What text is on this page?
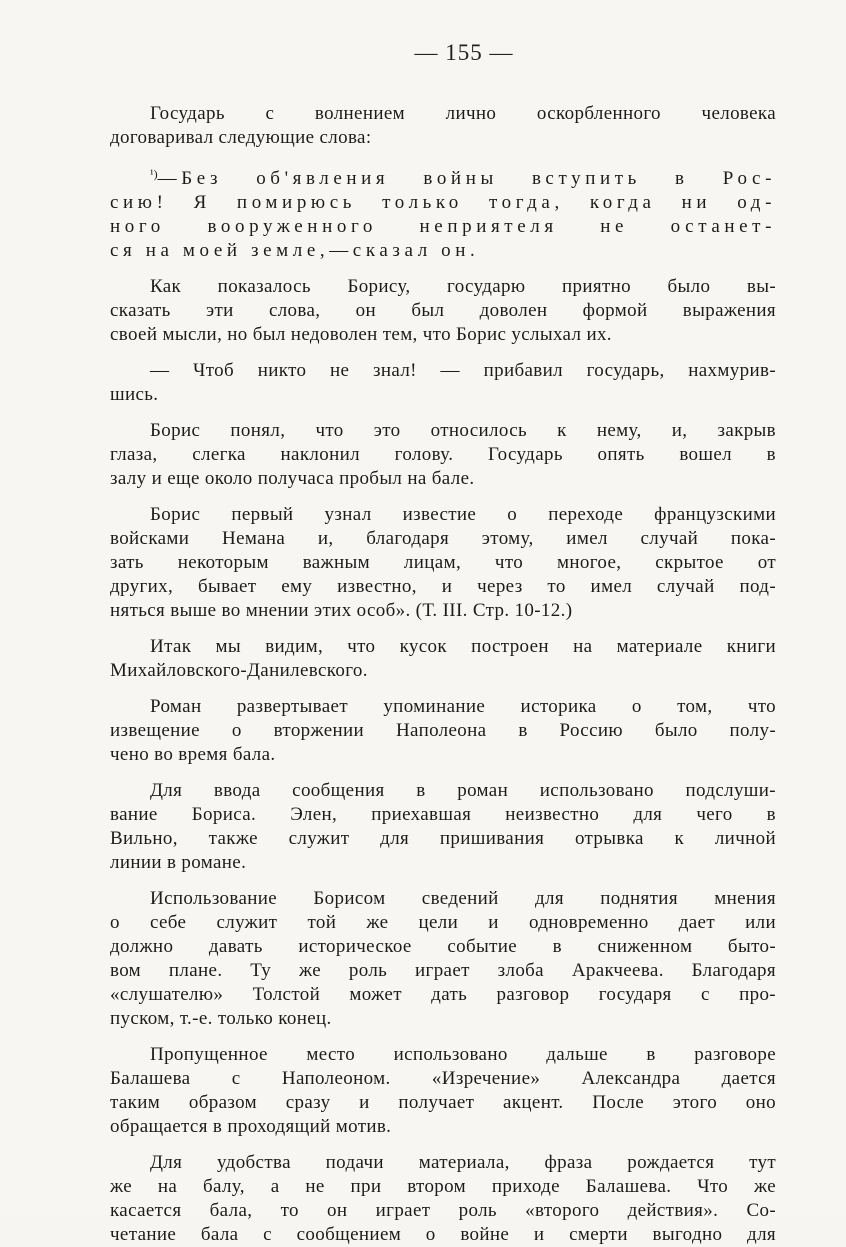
— 155 —
Государь с волнением лично оскорбленного человека
договаривал следующие слова:
$^{^1)}$—Без об'явления войны вступить в Рос-
сию! Я помирюсь только тогда, когда ни од-
ного вооруженного неприятеля не останет-
ся на моей земле,—сказал он.
Как показалось Борису, государю приятно было вы-
сказать эти слова, он был доволен формой выражения
своей мысли, но был недоволен тем, что Борис услыхал их.
— Чтоб никто не знал! — прибавил государь, нахмурив-
шись.
Борис понял, что это относилось к нему, и, закрыв
глаза, слегка наклонил голову. Государь опять вошел в
залу и еще около получаса пробыл на бале.
Борис первый узнал известие о переходе французскими
войсками Немана и, благодаря этому, имел случай пока-
зать некоторым важным лицам, что многое, скрытое от
других, бывает ему известно, и через то имел случай под-
няться выше во мнении этих особ». (Т. III. Стр. 10-12.)
Итак мы видим, что кусок построен на материале книги
Михайловского-Данилевского.
Роман развертывает упоминание историка о том, что
извещение о вторжении Наполеона в Россию было полу-
чено во время бала.
Для ввода сообщения в роман использовано подслуши-
вание Бориса. Элен, приехавшая неизвестно для чего в
Вильно, также служит для пришивания отрывка к личной
линии в романе.
Использование Борисом сведений для поднятия мнения
о себе служит той же цели и одновременно дает или
должно давать историческое событие в сниженном быто-
вом плане. Ту же роль играет злоба Аракчеева. Благодаря
«слушателю» Толстой может дать разговор государя с про-
пуском, т.-е. только конец.
Пропущенное место использовано дальше в разговоре
Балашева с Наполеоном. «Изречение» Александра дается
таким образом сразу и получает акцент. После этого оно
обращается в проходящий мотив.
Для удобства подачи материала, фраза рождается тут
же на балу, а не при втором приходе Балашева. Что же
касается бала, то он играет роль «второго действия». Со-
четание бала с сообщением о войне и смерти выгодно для
